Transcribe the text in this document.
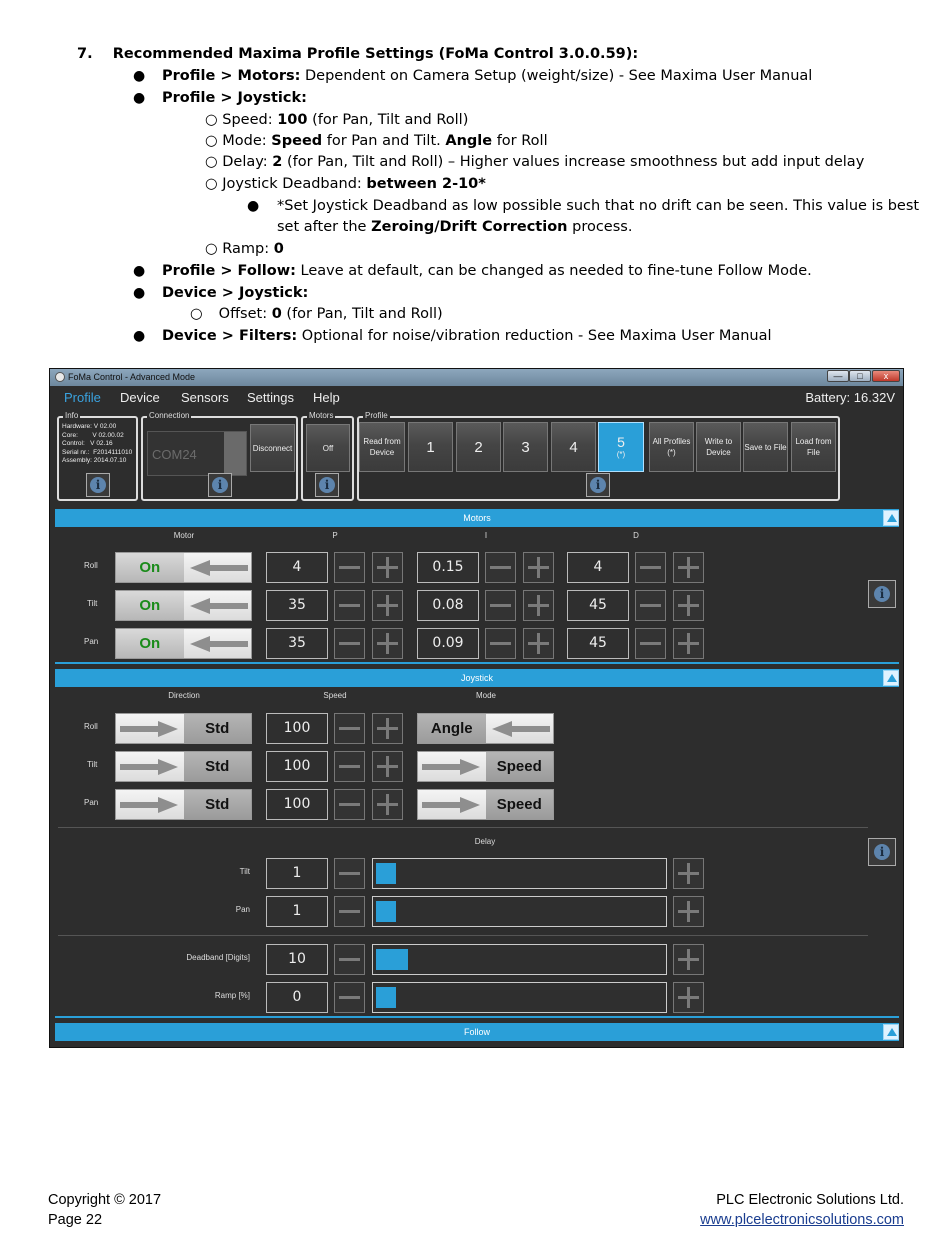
7. Recommended Maxima Profile Settings (FoMa Control 3.0.0.59):
● Profile > Motors: Dependent on Camera Setup (weight/size) - See Maxima User Manual
● Profile > Joystick:
○ Speed: 100 (for Pan, Tilt and Roll)
○ Mode: Speed for Pan and Tilt. Angle for Roll
○ Delay: 2 (for Pan, Tilt and Roll) – Higher values increase smoothness but add input delay
○ Joystick Deadband: between 2-10*
● *Set Joystick Deadband as low possible such that no drift can be seen. This value is best
set after the Zeroing/Drift Correction process.
○ Ramp: 0
● Profile > Follow: Leave at default, can be changed as needed to fine-tune Follow Mode.
● Device > Joystick:
○ Offset: 0 (for Pan, Tilt and Roll)
● Device > Filters: Optional for noise/vibration reduction - See Maxima User Manual
FoMa Control - Advanced Mode	—	□	x
Profile Device Sensors Settings Help	Battery: 16.32V
Info
Hardware: V 02.00
Core:        V 02.00.02
Control:   V 02.16
Serial nr.:  F2014111010
Assembly: 2014.07.10
i
Connection
COM24	Disconnect
i
Motors
Off
i
Profile
Read from Device	1	2	3	4	5
(*)
All Profiles (*)
Write to Device
Save to File
Load from File
i
Motors
Motor	P	I	D
Roll	On	4	0.15	4
Tilt	On	35	0.08	45
Pan	On	35	0.09	45
i
Joystick
Direction	Speed	Mode
Roll	Std	100	Angle
Tilt	Std	100	Speed
Pan	Std	100	Speed
Delay
Tilt	1
Pan	1
Deadband [Digits]	10
Ramp [%]	0
i
Follow
Copyright © 2017
Page 22
PLC Electronic Solutions Ltd.
www.plcelectronicsolutions.com
